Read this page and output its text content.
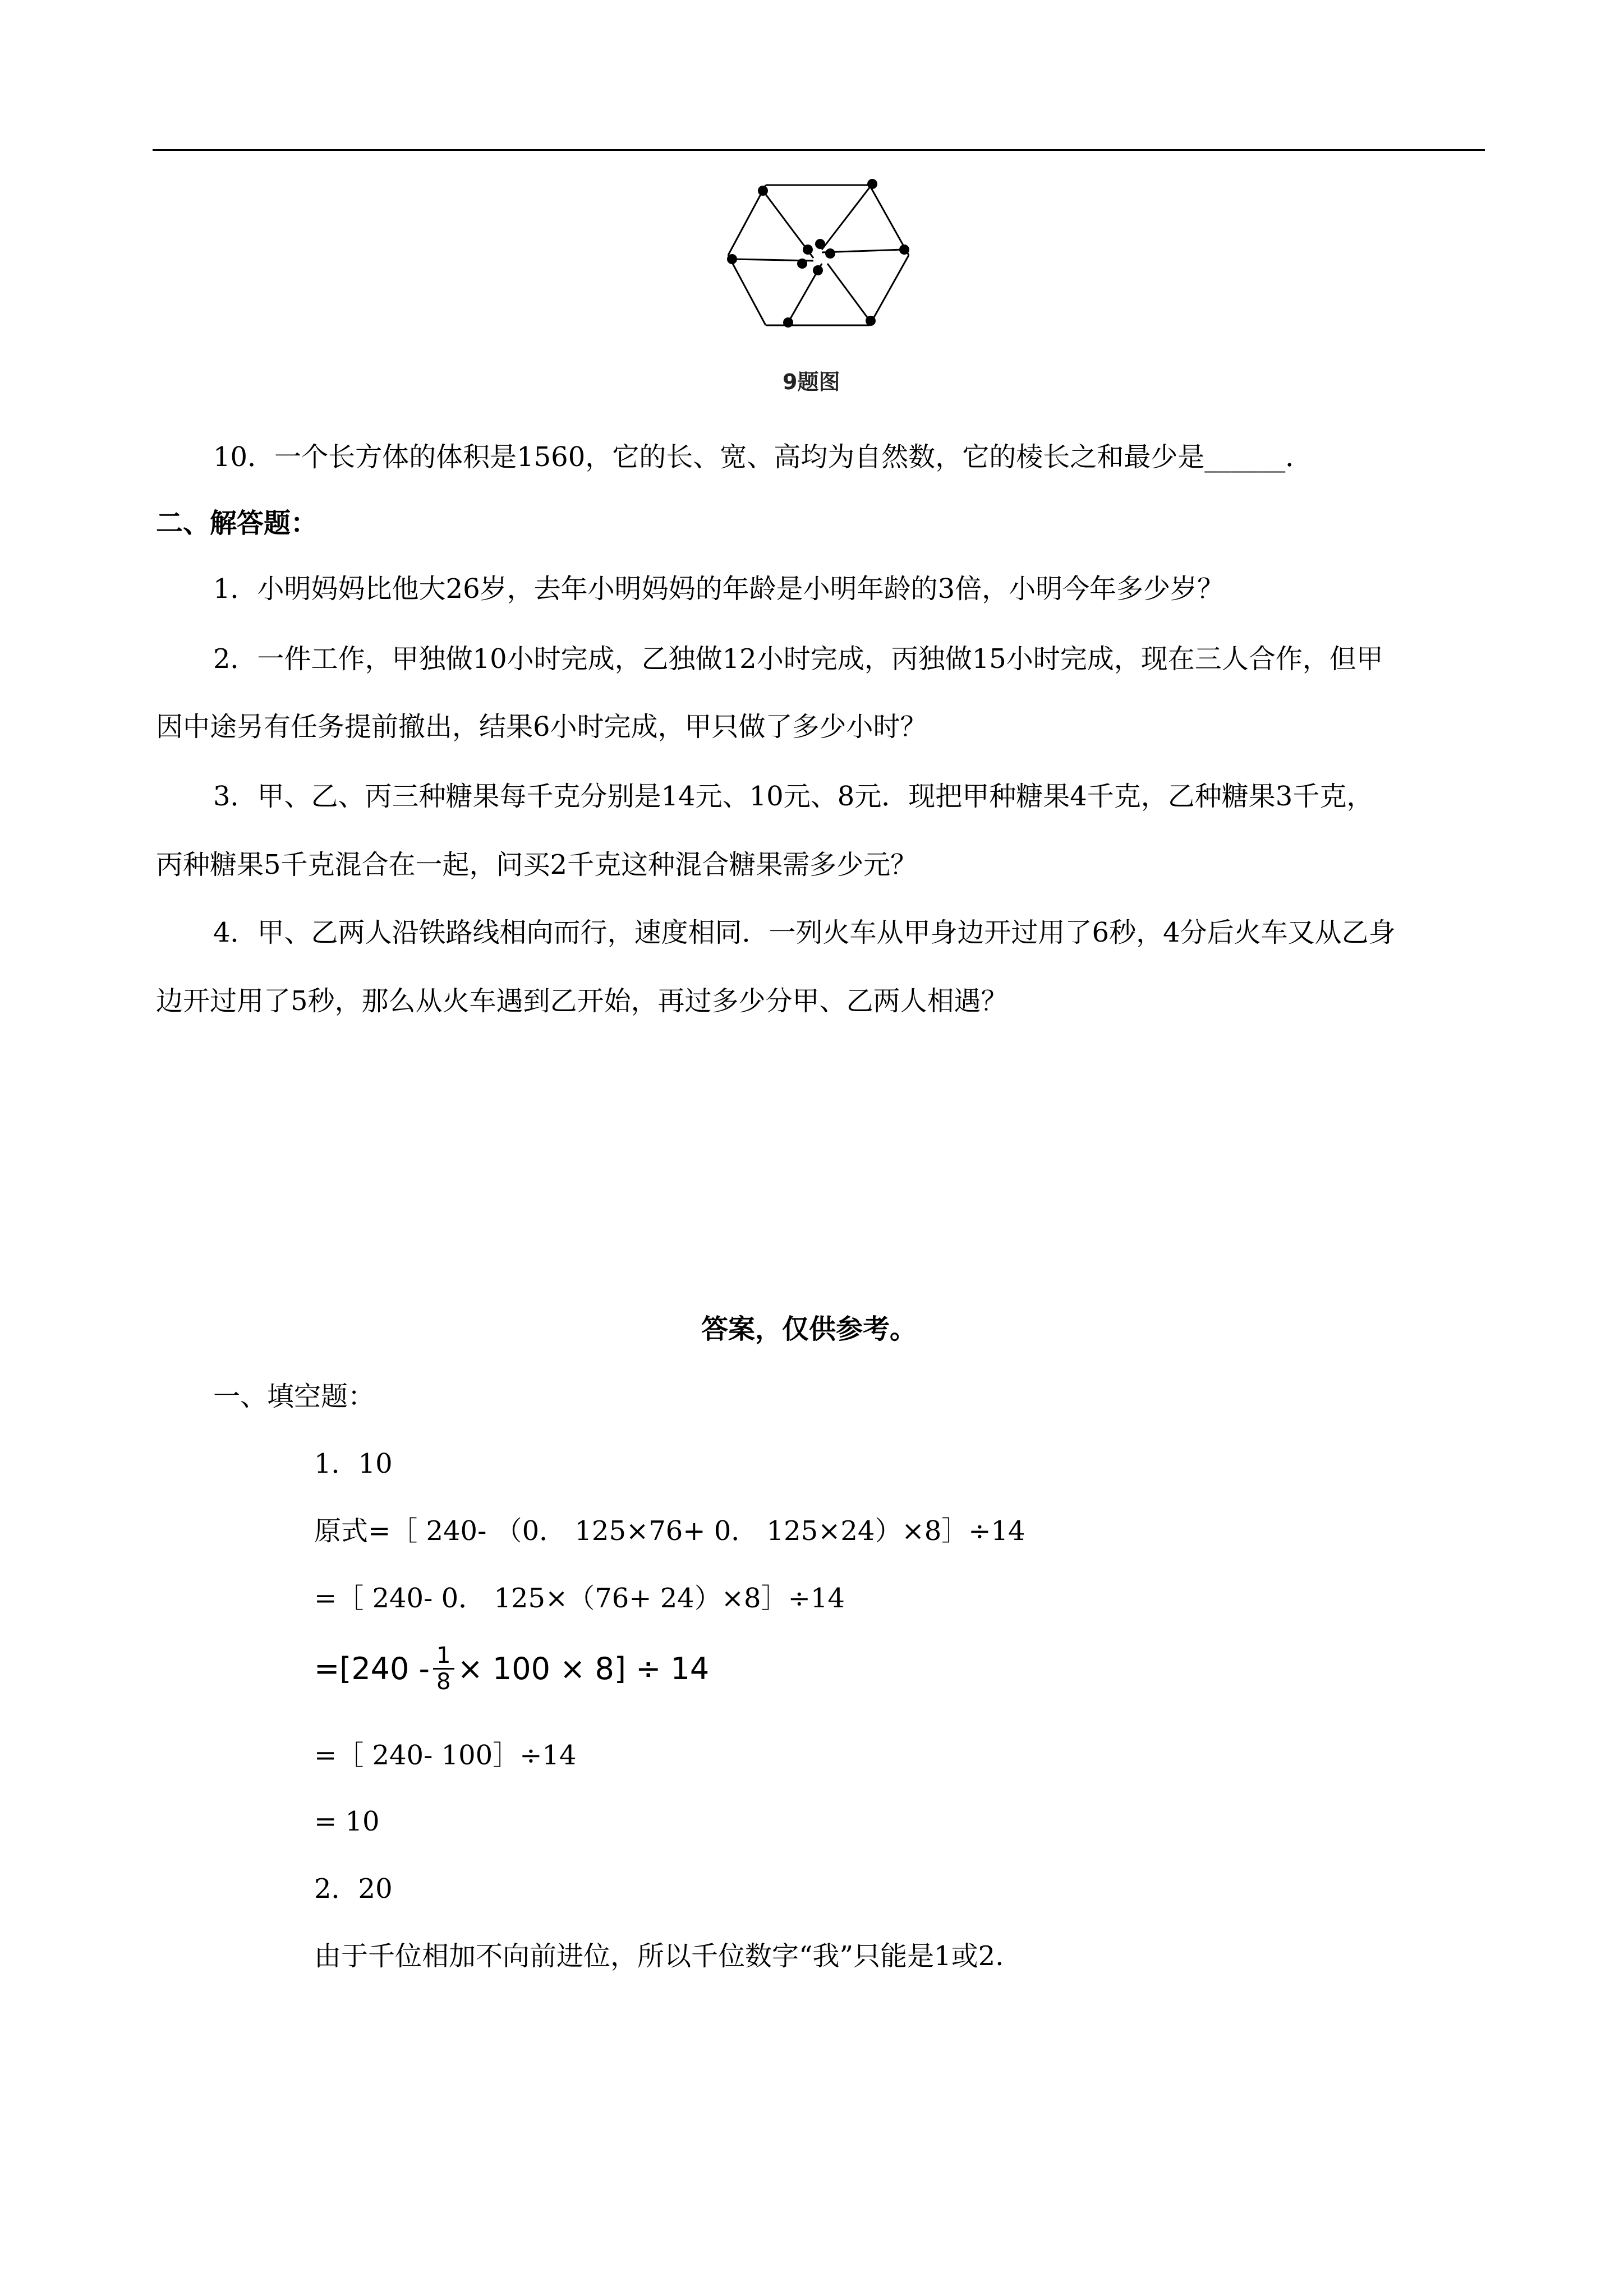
9题图
10．一个长方体的体积是1560，它的长、宽、高均为自然数，它的棱长之和最少是______．
二、解答题：
1．小明妈妈比他大26岁，去年小明妈妈的年龄是小明年龄的3倍，小明今年多少岁？
2．一件工作，甲独做10小时完成，乙独做12小时完成，丙独做15小时完成，现在三人合作，但甲
因中途另有任务提前撤出，结果6小时完成，甲只做了多少小时？
3．甲、乙、丙三种糖果每千克分别是14元、10元、8元．现把甲种糖果4千克，乙种糖果3千克，
丙种糖果5千克混合在一起，问买2千克这种混合糖果需多少元？
4．甲、乙两人沿铁路线相向而行，速度相同．一列火车从甲身边开过用了6秒，4分后火车又从乙身
边开过用了5秒，那么从火车遇到乙开始，再过多少分甲、乙两人相遇？
答案，仅供参考。
一、填空题：
1．10
原式=［ 240- （0． 125×76+ 0． 125×24）×8］÷14
=［ 240- 0． 125×（76+ 24）×8］÷14
$=[240 - \frac{1}{8} \times 100 \times 8] \div 14$
=［ 240- 100］÷14
= 10
2．20
由于千位相加不向前进位，所以千位数字“我”只能是1或2.
